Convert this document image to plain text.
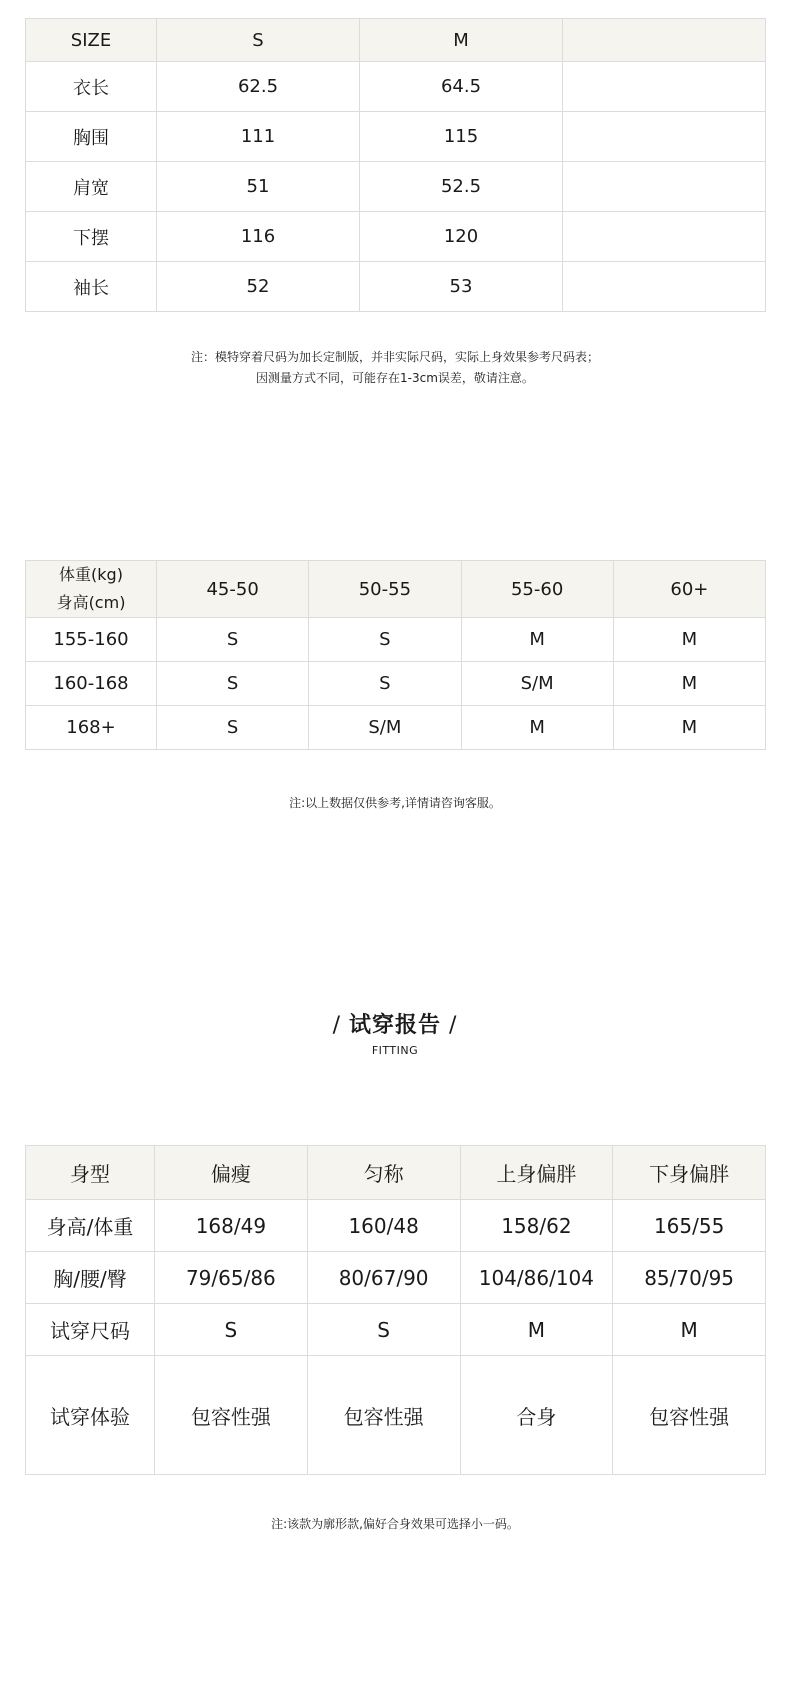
SIZE	S	M	
衣长	62.5	64.5	
胸围	111	115	
肩宽	51	52.5	
下摆	116	120	
袖长	52	53	
注：模特穿着尺码为加长定制版，并非实际尺码，实际上身效果参考尺码表；
因测量方式不同，可能存在1-3cm误差，敬请注意。
体重(kg)
身高(cm)	45-50	50-55	55-60	60+
155-160	S	S	M	M
160-168	S	S	S/M	M
168+	S	S/M	M	M
注:以上数据仅供参考,详情请咨询客服。
/ 试穿报告 /
FITTING
身型	偏瘦	匀称	上身偏胖	下身偏胖
身高/体重	168/49	160/48	158/62	165/55
胸/腰/臀	79/65/86	80/67/90	104/86/104	85/70/95
试穿尺码	S	S	M	M
试穿体验	包容性强	包容性强	合身	包容性强
注:该款为廓形款,偏好合身效果可选择小一码。
